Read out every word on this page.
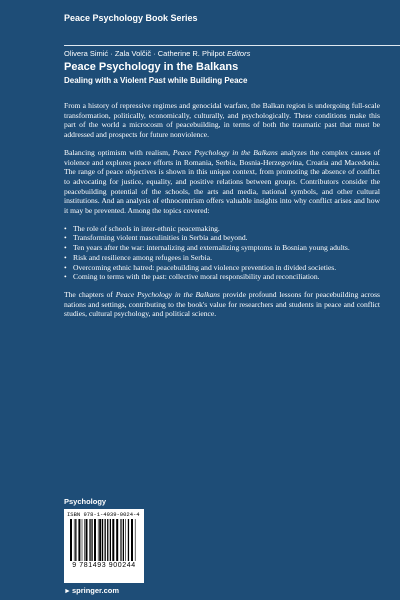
Peace Psychology Book Series
Olivera Simić · Zala Volčič · Catherine R. Philpot Editors
Peace Psychology in the Balkans
Dealing with a Violent Past while Building Peace

From a history of repressive regimes and genocidal warfare, the Balkan region is undergoing full-scale transformation, politically, economically, culturally, and psychologically. These conditions make this part of the world a microcosm of peacebuilding, in terms of both the traumatic past that must be addressed and prospects for future nonviolence.

Balancing optimism with realism, Peace Psychology in the Balkans analyzes the complex causes of violence and explores peace efforts in Romania, Serbia, Bosnia-Herzegovina, Croatia and Macedonia. The range of peace objectives is shown in this unique context, from promoting the absence of conflict to advocating for justice, equality, and positive relations between groups. Contributors consider the peacebuilding potential of the schools, the arts and media, national symbols, and other cultural institutions. And an analysis of ethnocentrism offers valuable insights into why conflict arises and how it may be prevented. Among the topics covered:

• The role of schools in inter-ethnic peacemaking.
• Transforming violent masculinities in Serbia and beyond.
• Ten years after the war: internalizing and externalizing symptoms in Bosnian young adults.
• Risk and resilience among refugees in Serbia.
• Overcoming ethnic hatred: peacebuilding and violence prevention in divided societies.
• Coming to terms with the past: collective moral responsibility and reconciliation.

The chapters of Peace Psychology in the Balkans provide profound lessons for peacebuilding across nations and settings, contributing to the book's value for researchers and students in peace and conflict studies, cultural psychology, and political science.

Psychology
ISBN 978-1-4939-0024-4
9 781493 900244
►springer.com
